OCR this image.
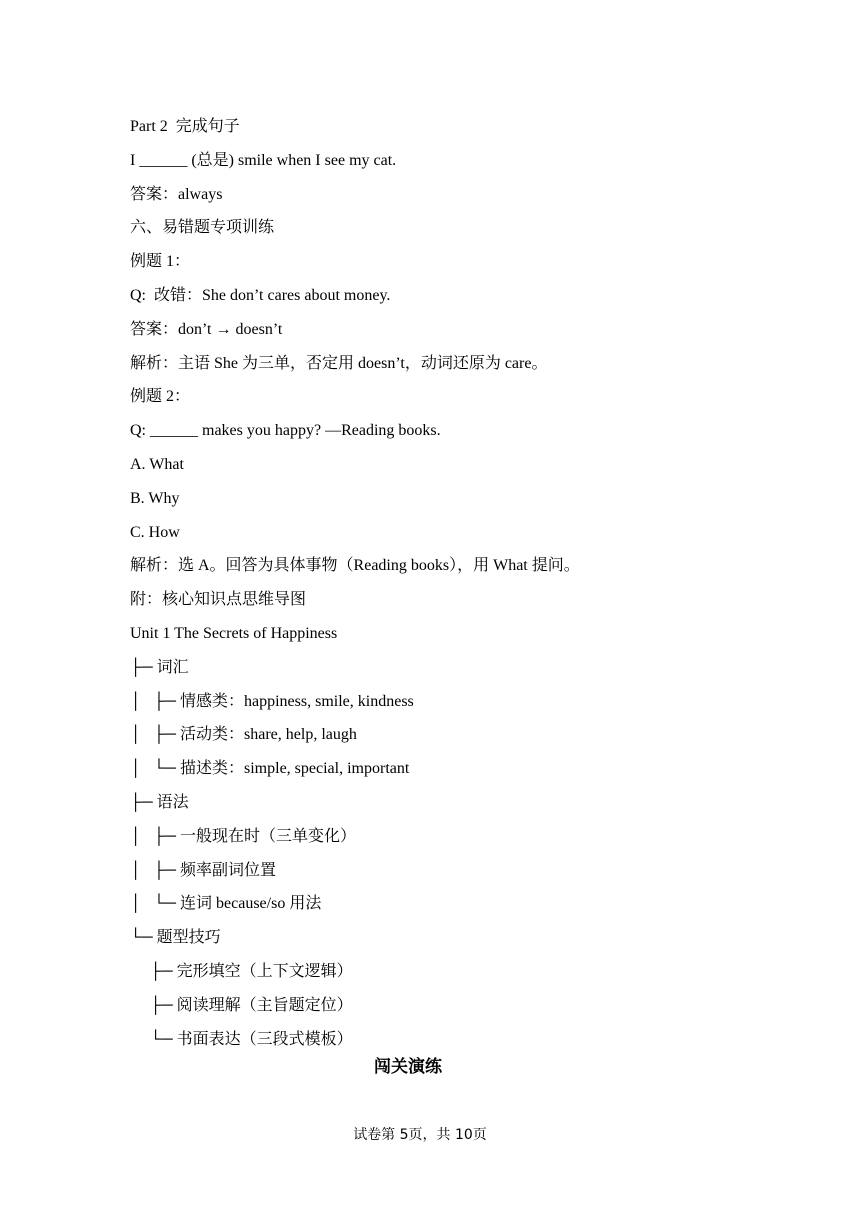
Part 2  完成句子
I ______ (总是) smile when I see my cat.
答案：always
六、易错题专项训练
例题 1：
Q:  改错：She don’t cares about money.
答案：don’t → doesn’t
解析：主语 She 为三单，否定用 doesn’t，动词还原为 care。
例题 2：
Q: ______ makes you happy? —Reading books.
A. What
B. Why
C. How
解析：选 A。回答为具体事物（Reading books），用 What 提问。
附：核心知识点思维导图
Unit 1 The Secrets of Happiness
├─ 词汇
│   ├─ 情感类：happiness, smile, kindness
│   ├─ 活动类：share, help, laugh
│   └─ 描述类：simple, special, important
├─ 语法
│   ├─ 一般现在时（三单变化）
│   ├─ 频率副词位置
│   └─ 连词 because/so 用法
└─ 题型技巧
├─ 完形填空（上下文逻辑）
├─ 阅读理解（主旨题定位）
└─ 书面表达（三段式模板）
闯关演练
试卷第 5页，共 10页
